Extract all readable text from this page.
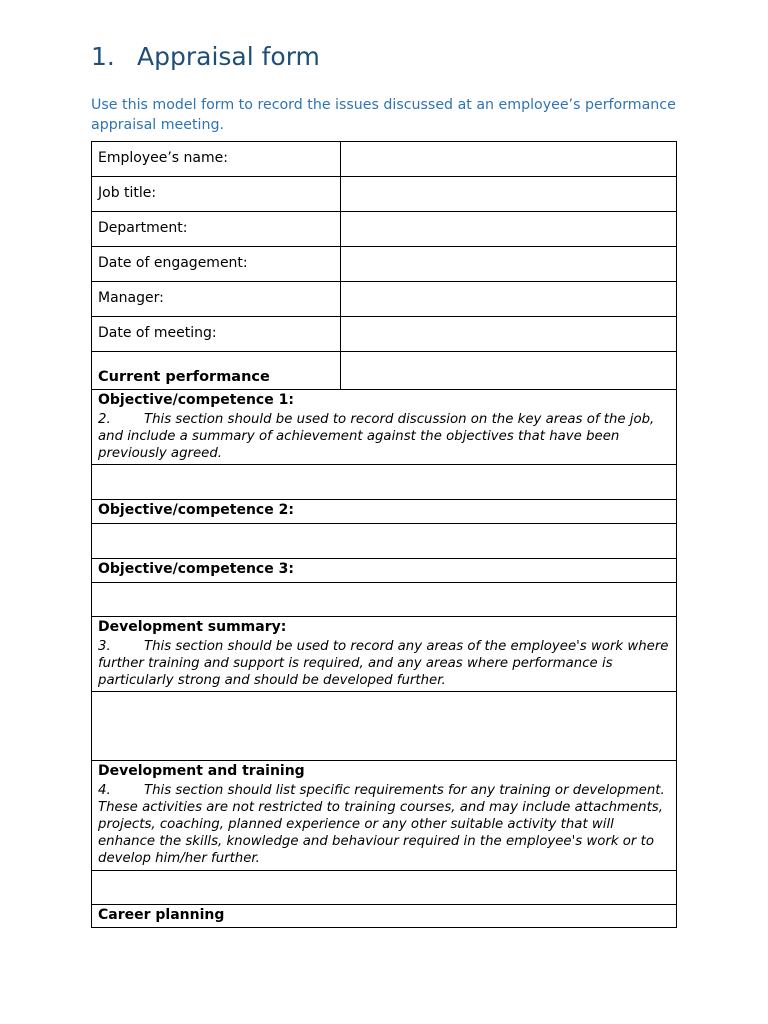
1. Appraisal form

Use this model form to record the issues discussed at an employee’s performance appraisal meeting.

Employee’s name:
Job title:
Department:
Date of engagement:
Manager:
Date of meeting:
Current performance
Objective/competence 1:
2.	This section should be used to record discussion on the key areas of the job, and include a summary of achievement against the objectives that have been previously agreed.
Objective/competence 2:
Objective/competence 3:
Development summary:
3.	This section should be used to record any areas of the employee's work where further training and support is required, and any areas where performance is particularly strong and should be developed further.
Development and training
4.	This section should list specific requirements for any training or development. These activities are not restricted to training courses, and may include attachments, projects, coaching, planned experience or any other suitable activity that will enhance the skills, knowledge and behaviour required in the employee's work or to develop him/her further.
Career planning
